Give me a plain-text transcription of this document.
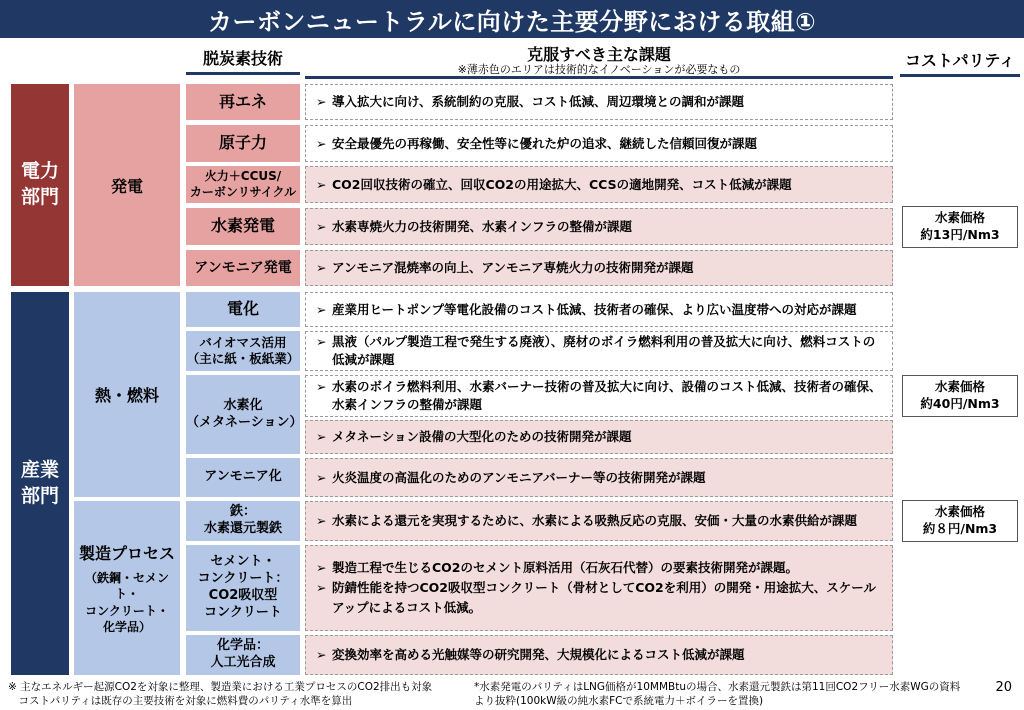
カーボンニュートラルに向けた主要分野における取組①
脱炭素技術	克服すべき主な課題
※薄赤色のエリアは技術的なイノベーションが必要なもの	コストパリティ
電力
部門
産業
部門
発電
熱・燃料
製造プロセス
（鉄鋼・セメント・
コンクリート・
化学品）
再エネ
原子力
火力＋CCUS/
カーボンリサイクル
水素発電
アンモニア発電
電化
バイオマス活用
（主に紙・板紙業）
水素化
（メタネーション）
アンモニア化
鉄：
水素還元製鉄
セメント・
コンクリート：
CO2吸収型
コンクリート
化学品：
人工光合成
➢ 導入拡大に向け、系統制約の克服、コスト低減、周辺環境との調和が課題
➢ 安全最優先の再稼働、安全性等に優れた炉の追求、継続した信頼回復が課題
➢ CO2回収技術の確立、回収CO2の用途拡大、CCSの適地開発、コスト低減が課題
➢ 水素専焼火力の技術開発、水素インフラの整備が課題
➢ アンモニア混焼率の向上、アンモニア専焼火力の技術開発が課題
➢ 産業用ヒートポンプ等電化設備のコスト低減、技術者の確保、より広い温度帯への対応が課題
➢ 黒液（パルプ製造工程で発生する廃液）、廃材のボイラ燃料利用の普及拡大に向け、燃料コストの低減が課題
➢ 水素のボイラ燃料利用、水素バーナー技術の普及拡大に向け、設備のコスト低減、技術者の確保、水素インフラの整備が課題
➢ メタネーション設備の大型化のための技術開発が課題
➢ 火炎温度の高温化のためのアンモニアバーナー等の技術開発が課題
➢ 水素による還元を実現するために、水素による吸熱反応の克服、安価・大量の水素供給が課題
➢ 製造工程で生じるCO2のセメント原料活用（石灰石代替）の要素技術開発が課題。
➢ 防錆性能を持つCO2吸収型コンクリート（骨材としてCO2を利用）の開発・用途拡大、スケールアップによるコスト低減。
➢ 変換効率を高める光触媒等の研究開発、大規模化によるコスト低減が課題
水素価格
約13円/Nm3
水素価格
約40円/Nm3
水素価格
約８円/Nm3
※ 主なエネルギー起源CO2を対象に整理、製造業における工業プロセスのCO2排出も対象
　コストパリティは既存の主要技術を対象に燃料費のパリティ水準を算出
*水素発電のパリティはLNG価格が10MMBtuの場合、水素還元製鉄は第11回CO2フリー水素WGの資料
より抜粋(100kW級の純水素FCで系統電力＋ボイラーを置換)
20
